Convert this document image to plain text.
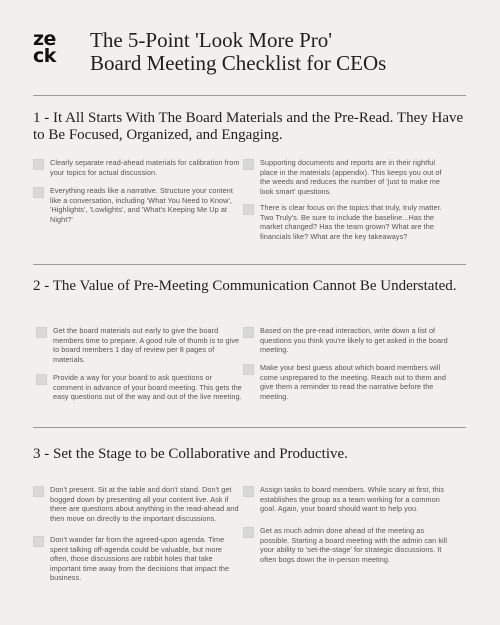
ze
ck
The 5-Point 'Look More Pro'
Board Meeting Checklist for CEOs
1 - It All Starts With The Board Materials and the Pre-Read. They Have to Be Focused, Organized, and Engaging.
Clearly separate read-ahead materials for calibration from your topics for actual discussion.
Everything reads like a narrative. Structure your content like a conversation, including 'What You Need to Know', 'Highlights', 'Lowlights', and 'What's Keeping Me Up at Night?'
Supporting documents and reports are in their rightful place in the materials (appendix). This keeps you out of the weeds and reduces the number of 'just to make me look smart' questions.
There is clear focus on the topics that truly, truly matter. Two Truly's. Be sure to include the baseline...Has the market changed? Has the team grown? What are the financials like? What are the key takeaways?
2 - The Value of Pre-Meeting Communication Cannot Be Understated.
Get the board materials out early to give the board members time to prepare. A good rule of thumb is to give to board members 1 day of review per 8 pages of materials.
Provide a way for your board to ask questions or comment in advance of your board meeting. This gets the easy questions out of the way and out of the live meeting.
Based on the pre-read interaction, write down a list of questions you think you're likely to get asked in the board meeting.
Make your best guess about which board members will come unprepared to the meeting. Reach out to them and give them a reminder to read the narrative before the meeting.
3 - Set the Stage to be Collaborative and Productive.
Don't present. Sit at the table and don't stand. Don't get bogged down by presenting all your content live. Ask if there are questions about anything in the read-ahead and then move on directly to the important discussions.
Don't wander far from the agreed-upon agenda. Time spent talking off-agenda could be valuable, but more often, those discussions are rabbit holes that take important time away from the decisions that impact the business.
Assign tasks to board members. While scary at first, this establishes the group as a team working for a common goal. Again, your board should want to help you.
Get as much admin done ahead of the meeting as possible. Starting a board meeting with the admin can kill your ability to 'set-the-stage' for strategic discussions. It often bogs down the in-person meeting.
